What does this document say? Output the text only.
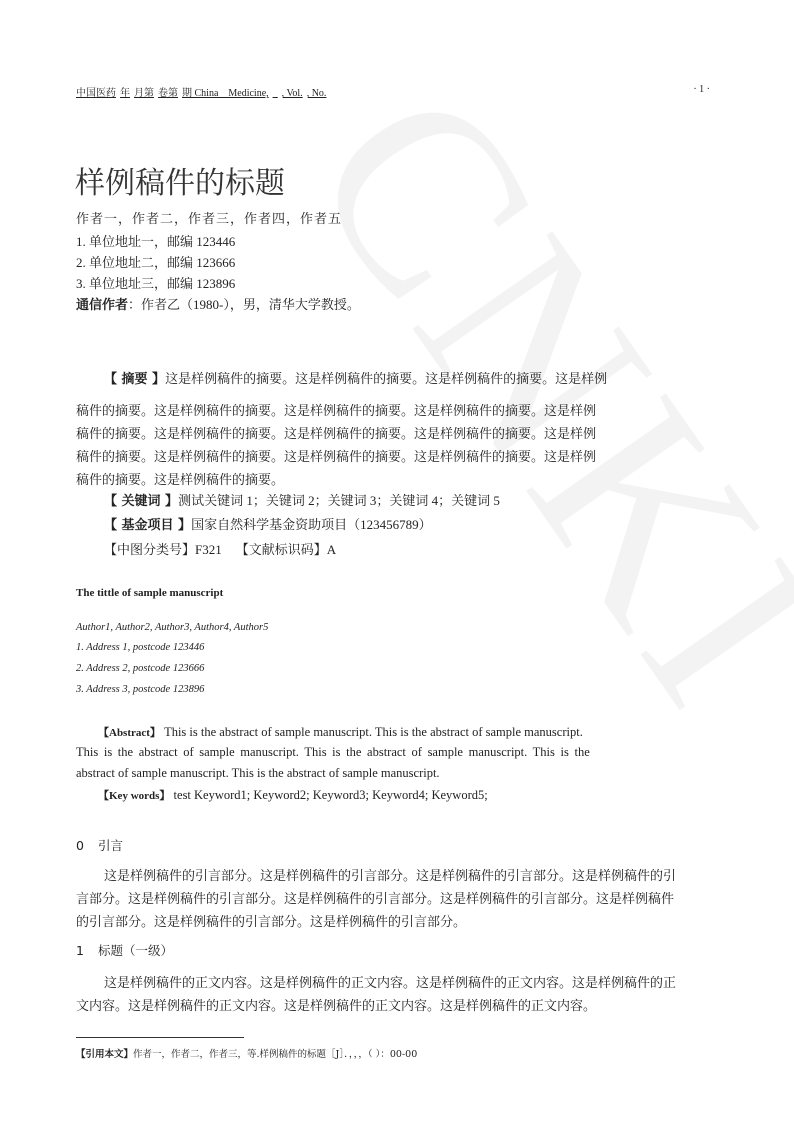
中国医药 年 月第 卷第 期 China　Medicine, _ , Vol. , No.	· 1 ·
样例稿件的标题
作者一，作者二，作者三，作者四，作者五
1. 单位地址一，邮编 123446
2. 单位地址二，邮编 123666
3. 单位地址三，邮编 123896
通信作者：作者乙（1980-），男，清华大学教授。
【 摘要 】这是样例稿件的摘要。这是样例稿件的摘要。这是样例稿件的摘要。这是样例
稿件的摘要。这是样例稿件的摘要。这是样例稿件的摘要。这是样例稿件的摘要。这是样例
稿件的摘要。这是样例稿件的摘要。这是样例稿件的摘要。这是样例稿件的摘要。这是样例
稿件的摘要。这是样例稿件的摘要。这是样例稿件的摘要。这是样例稿件的摘要。这是样例
稿件的摘要。这是样例稿件的摘要。
【 关键词 】测试关键词 1；关键词 2；关键词 3；关键词 4；关键词 5
【 基金项目 】国家自然科学基金资助项目（123456789）
【中图分类号】F321 【文献标识码】A
The tittle of sample manuscript
Author1, Author2, Author3, Author4, Author5
1. Address 1, postcode 123446
2. Address 2, postcode 123666
3. Address 3, postcode 123896
【Abstract】 This is the abstract of sample manuscript. This is the abstract of sample manuscript.
This is the abstract of sample manuscript. This is the abstract of sample manuscript. This is the
abstract of sample manuscript. This is the abstract of sample manuscript.
【Key words】 test Keyword1; Keyword2; Keyword3; Keyword4; Keyword5;
0 引言
这是样例稿件的引言部分。这是样例稿件的引言部分。这是样例稿件的引言部分。这是样例稿件的引
言部分。这是样例稿件的引言部分。这是样例稿件的引言部分。这是样例稿件的引言部分。这是样例稿件
的引言部分。这是样例稿件的引言部分。这是样例稿件的引言部分。
1 标题（一级）
这是样例稿件的正文内容。这是样例稿件的正文内容。这是样例稿件的正文内容。这是样例稿件的正
文内容。这是样例稿件的正文内容。这是样例稿件的正文内容。这是样例稿件的正文内容。
【引用本文】作者一，作者二，作者三，等.样例稿件的标题［J］．，，，（ ）：00-00
